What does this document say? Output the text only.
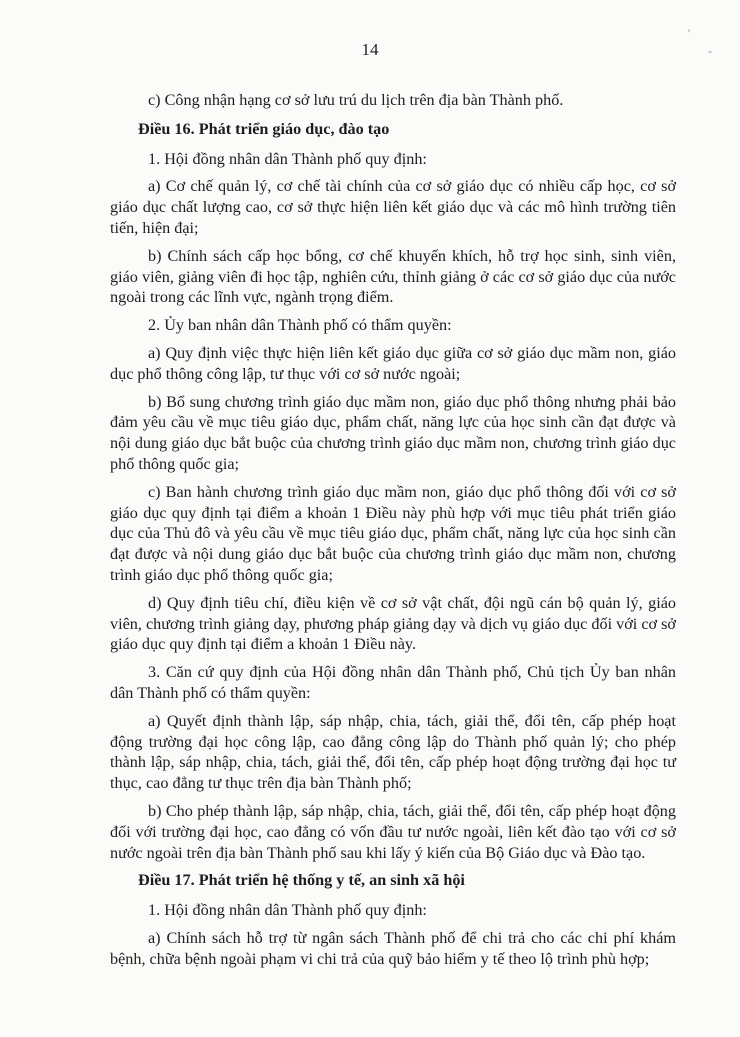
14
'
-

c) Công nhận hạng cơ sở lưu trú du lịch trên địa bàn Thành phố.

Điều 16. Phát triển giáo dục, đào tạo

1. Hội đồng nhân dân Thành phố quy định:

a) Cơ chế quản lý, cơ chế tài chính của cơ sở giáo dục có nhiều cấp học, cơ sở giáo dục chất lượng cao, cơ sở thực hiện liên kết giáo dục và các mô hình trường tiên tiến, hiện đại;

b) Chính sách cấp học bổng, cơ chế khuyến khích, hỗ trợ học sinh, sinh viên, giáo viên, giảng viên đi học tập, nghiên cứu, thỉnh giảng ở các cơ sở giáo dục của nước ngoài trong các lĩnh vực, ngành trọng điểm.

2. Ủy ban nhân dân Thành phố có thẩm quyền:

a) Quy định việc thực hiện liên kết giáo dục giữa cơ sở giáo dục mầm non, giáo dục phổ thông công lập, tư thục với cơ sở nước ngoài;

b) Bổ sung chương trình giáo dục mầm non, giáo dục phổ thông nhưng phải bảo đảm yêu cầu về mục tiêu giáo dục, phẩm chất, năng lực của học sinh cần đạt được và nội dung giáo dục bắt buộc của chương trình giáo dục mầm non, chương trình giáo dục phổ thông quốc gia;

c) Ban hành chương trình giáo dục mầm non, giáo dục phổ thông đối với cơ sở giáo dục quy định tại điểm a khoản 1 Điều này phù hợp với mục tiêu phát triển giáo dục của Thủ đô và yêu cầu về mục tiêu giáo dục, phẩm chất, năng lực của học sinh cần đạt được và nội dung giáo dục bắt buộc của chương trình giáo dục mầm non, chương trình giáo dục phổ thông quốc gia;

d) Quy định tiêu chí, điều kiện về cơ sở vật chất, đội ngũ cán bộ quản lý, giáo viên, chương trình giảng dạy, phương pháp giảng dạy và dịch vụ giáo dục đối với cơ sở giáo dục quy định tại điểm a khoản 1 Điều này.

3. Căn cứ quy định của Hội đồng nhân dân Thành phố, Chủ tịch Ủy ban nhân dân Thành phố có thẩm quyền:

a) Quyết định thành lập, sáp nhập, chia, tách, giải thể, đổi tên, cấp phép hoạt động trường đại học công lập, cao đẳng công lập do Thành phố quản lý; cho phép thành lập, sáp nhập, chia, tách, giải thể, đổi tên, cấp phép hoạt động trường đại học tư thục, cao đẳng tư thục trên địa bàn Thành phố;

b) Cho phép thành lập, sáp nhập, chia, tách, giải thể, đổi tên, cấp phép hoạt động đối với trường đại học, cao đẳng có vốn đầu tư nước ngoài, liên kết đào tạo với cơ sở nước ngoài trên địa bàn Thành phố sau khi lấy ý kiến của Bộ Giáo dục và Đào tạo.

Điều 17. Phát triển hệ thống y tế, an sinh xã hội

1. Hội đồng nhân dân Thành phố quy định:

a) Chính sách hỗ trợ từ ngân sách Thành phố để chi trả cho các chi phí khám bệnh, chữa bệnh ngoài phạm vi chi trả của quỹ bảo hiểm y tế theo lộ trình phù hợp;
